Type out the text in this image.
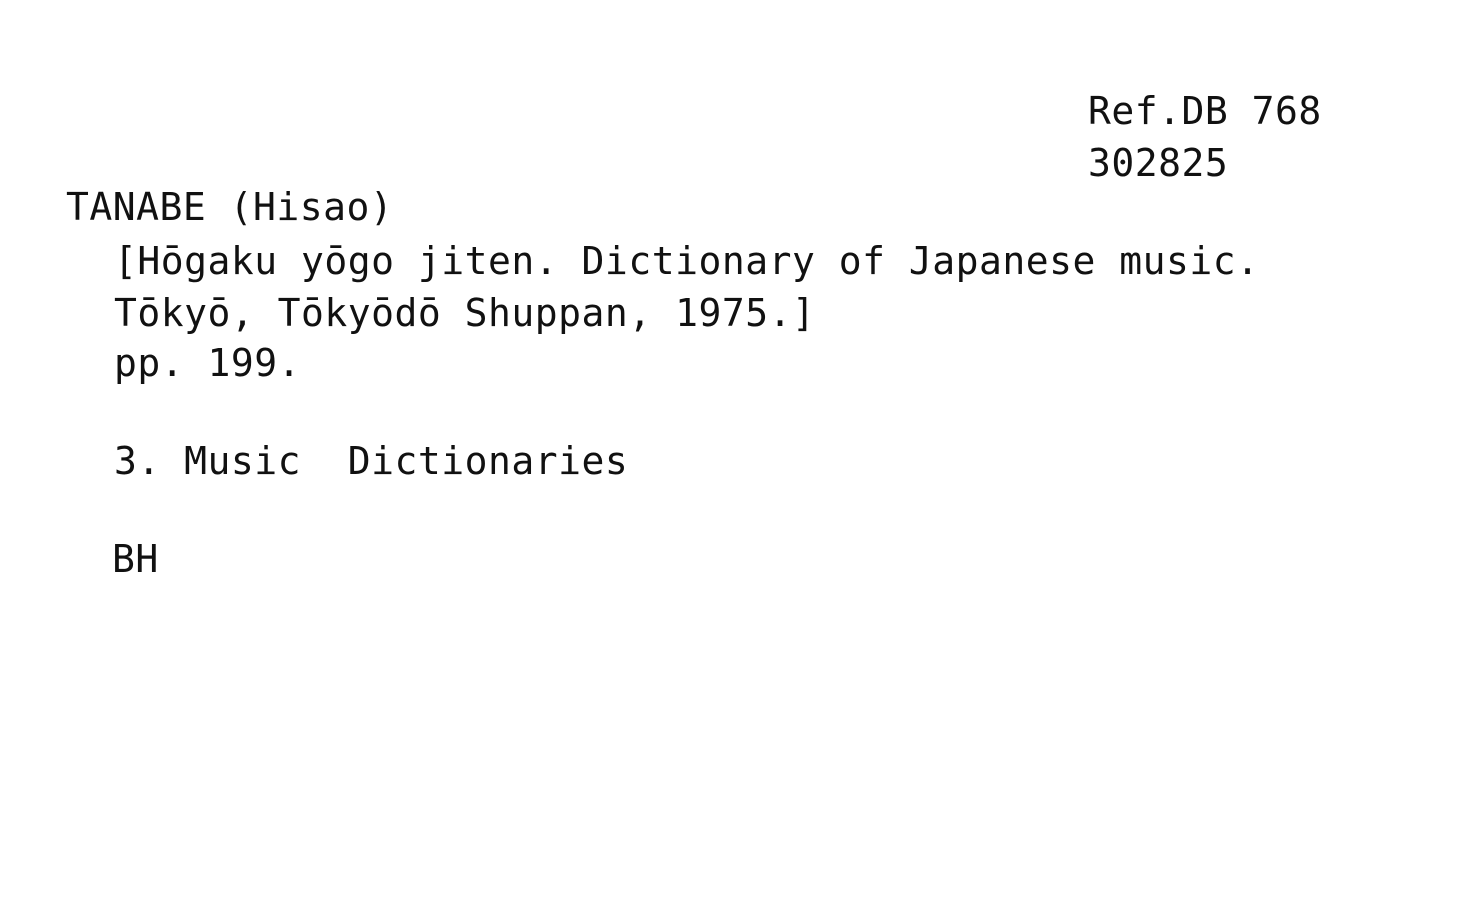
Ref.DB 768
302825
TANABE (Hisao)
[Hōgaku yōgo jiten. Dictionary of Japanese music.
Tōkyō, Tōkyōdō Shuppan, 1975.]
pp. 199.
3. Music  Dictionaries
BH
